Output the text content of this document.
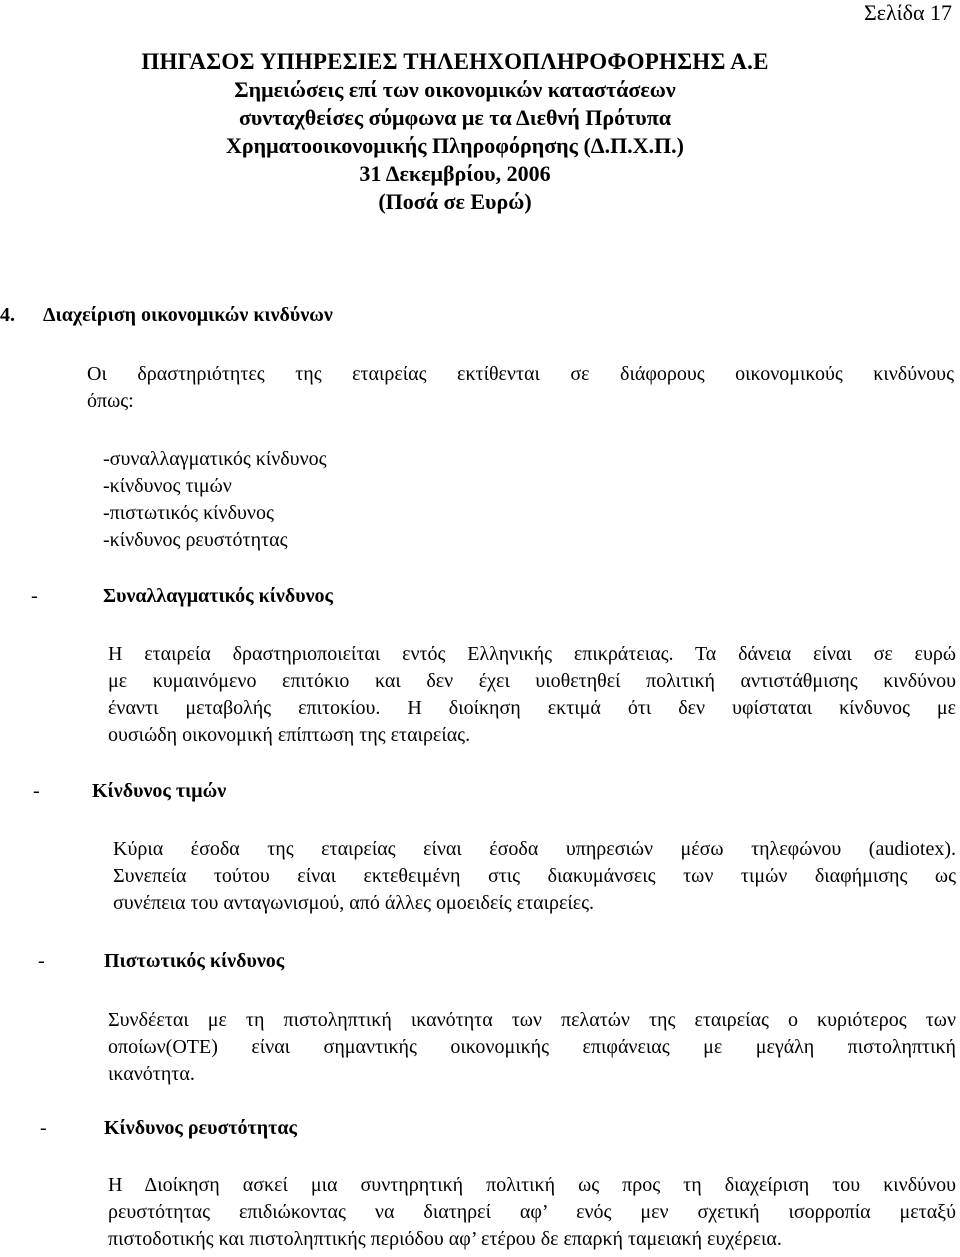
Σελίδα 17
ΠΗΓΑΣΟΣ ΥΠΗΡΕΣΙΕΣ ΤΗΛΕΗΧΟΠΛΗΡΟΦΟΡΗΣΗΣ Α.Ε
Σημειώσεις επί των οικονομικών καταστάσεων
συνταχθείσες σύμφωνα με τα Διεθνή Πρότυπα
Χρηματοοικονομικής Πληροφόρησης (Δ.Π.Χ.Π.)
31 Δεκεμβρίου, 2006
(Ποσά σε Ευρώ)
4. Διαχείριση οικονομικών κινδύνων
Οι δραστηριότητες της εταιρείας εκτίθενται σε διάφορους οικονομικούς κινδύνους
όπως:
-συναλλαγματικός κίνδυνος
-κίνδυνος τιμών
-πιστωτικός κίνδυνος
-κίνδυνος ρευστότητας
-	Συναλλαγματικός κίνδυνος
Η εταιρεία δραστηριοποιείται εντός Ελληνικής επικράτειας. Τα δάνεια είναι σε ευρώ
με κυμαινόμενο επιτόκιο και δεν έχει υιοθετηθεί πολιτική αντιστάθμισης κινδύνου
έναντι μεταβολής επιτοκίου. Η διοίκηση εκτιμά ότι δεν υφίσταται κίνδυνος με
ουσιώδη οικονομική επίπτωση της εταιρείας.
-	Κίνδυνος τιμών
Κύρια έσοδα της εταιρείας είναι έσοδα υπηρεσιών μέσω τηλεφώνου (audiotex).
Συνεπεία τούτου είναι εκτεθειμένη στις διακυμάνσεις των τιμών διαφήμισης ως
συνέπεια του ανταγωνισμού, από άλλες ομοειδείς εταιρείες.
-	Πιστωτικός κίνδυνος
Συνδέεται με τη πιστοληπτική ικανότητα των πελατών της εταιρείας ο κυριότερος των
οποίων(ΟΤΕ) είναι σημαντικής οικονομικής επιφάνειας με μεγάλη πιστοληπτική
ικανότητα.
-	Κίνδυνος ρευστότητας
Η Διοίκηση ασκεί μια συντηρητική πολιτική ως προς τη διαχείριση του κινδύνου
ρευστότητας επιδιώκοντας να διατηρεί αφ’ ενός μεν σχετική ισορροπία μεταξύ
πιστοδοτικής και πιστοληπτικής περιόδου αφ’ ετέρου δε επαρκή ταμειακή ευχέρεια.
